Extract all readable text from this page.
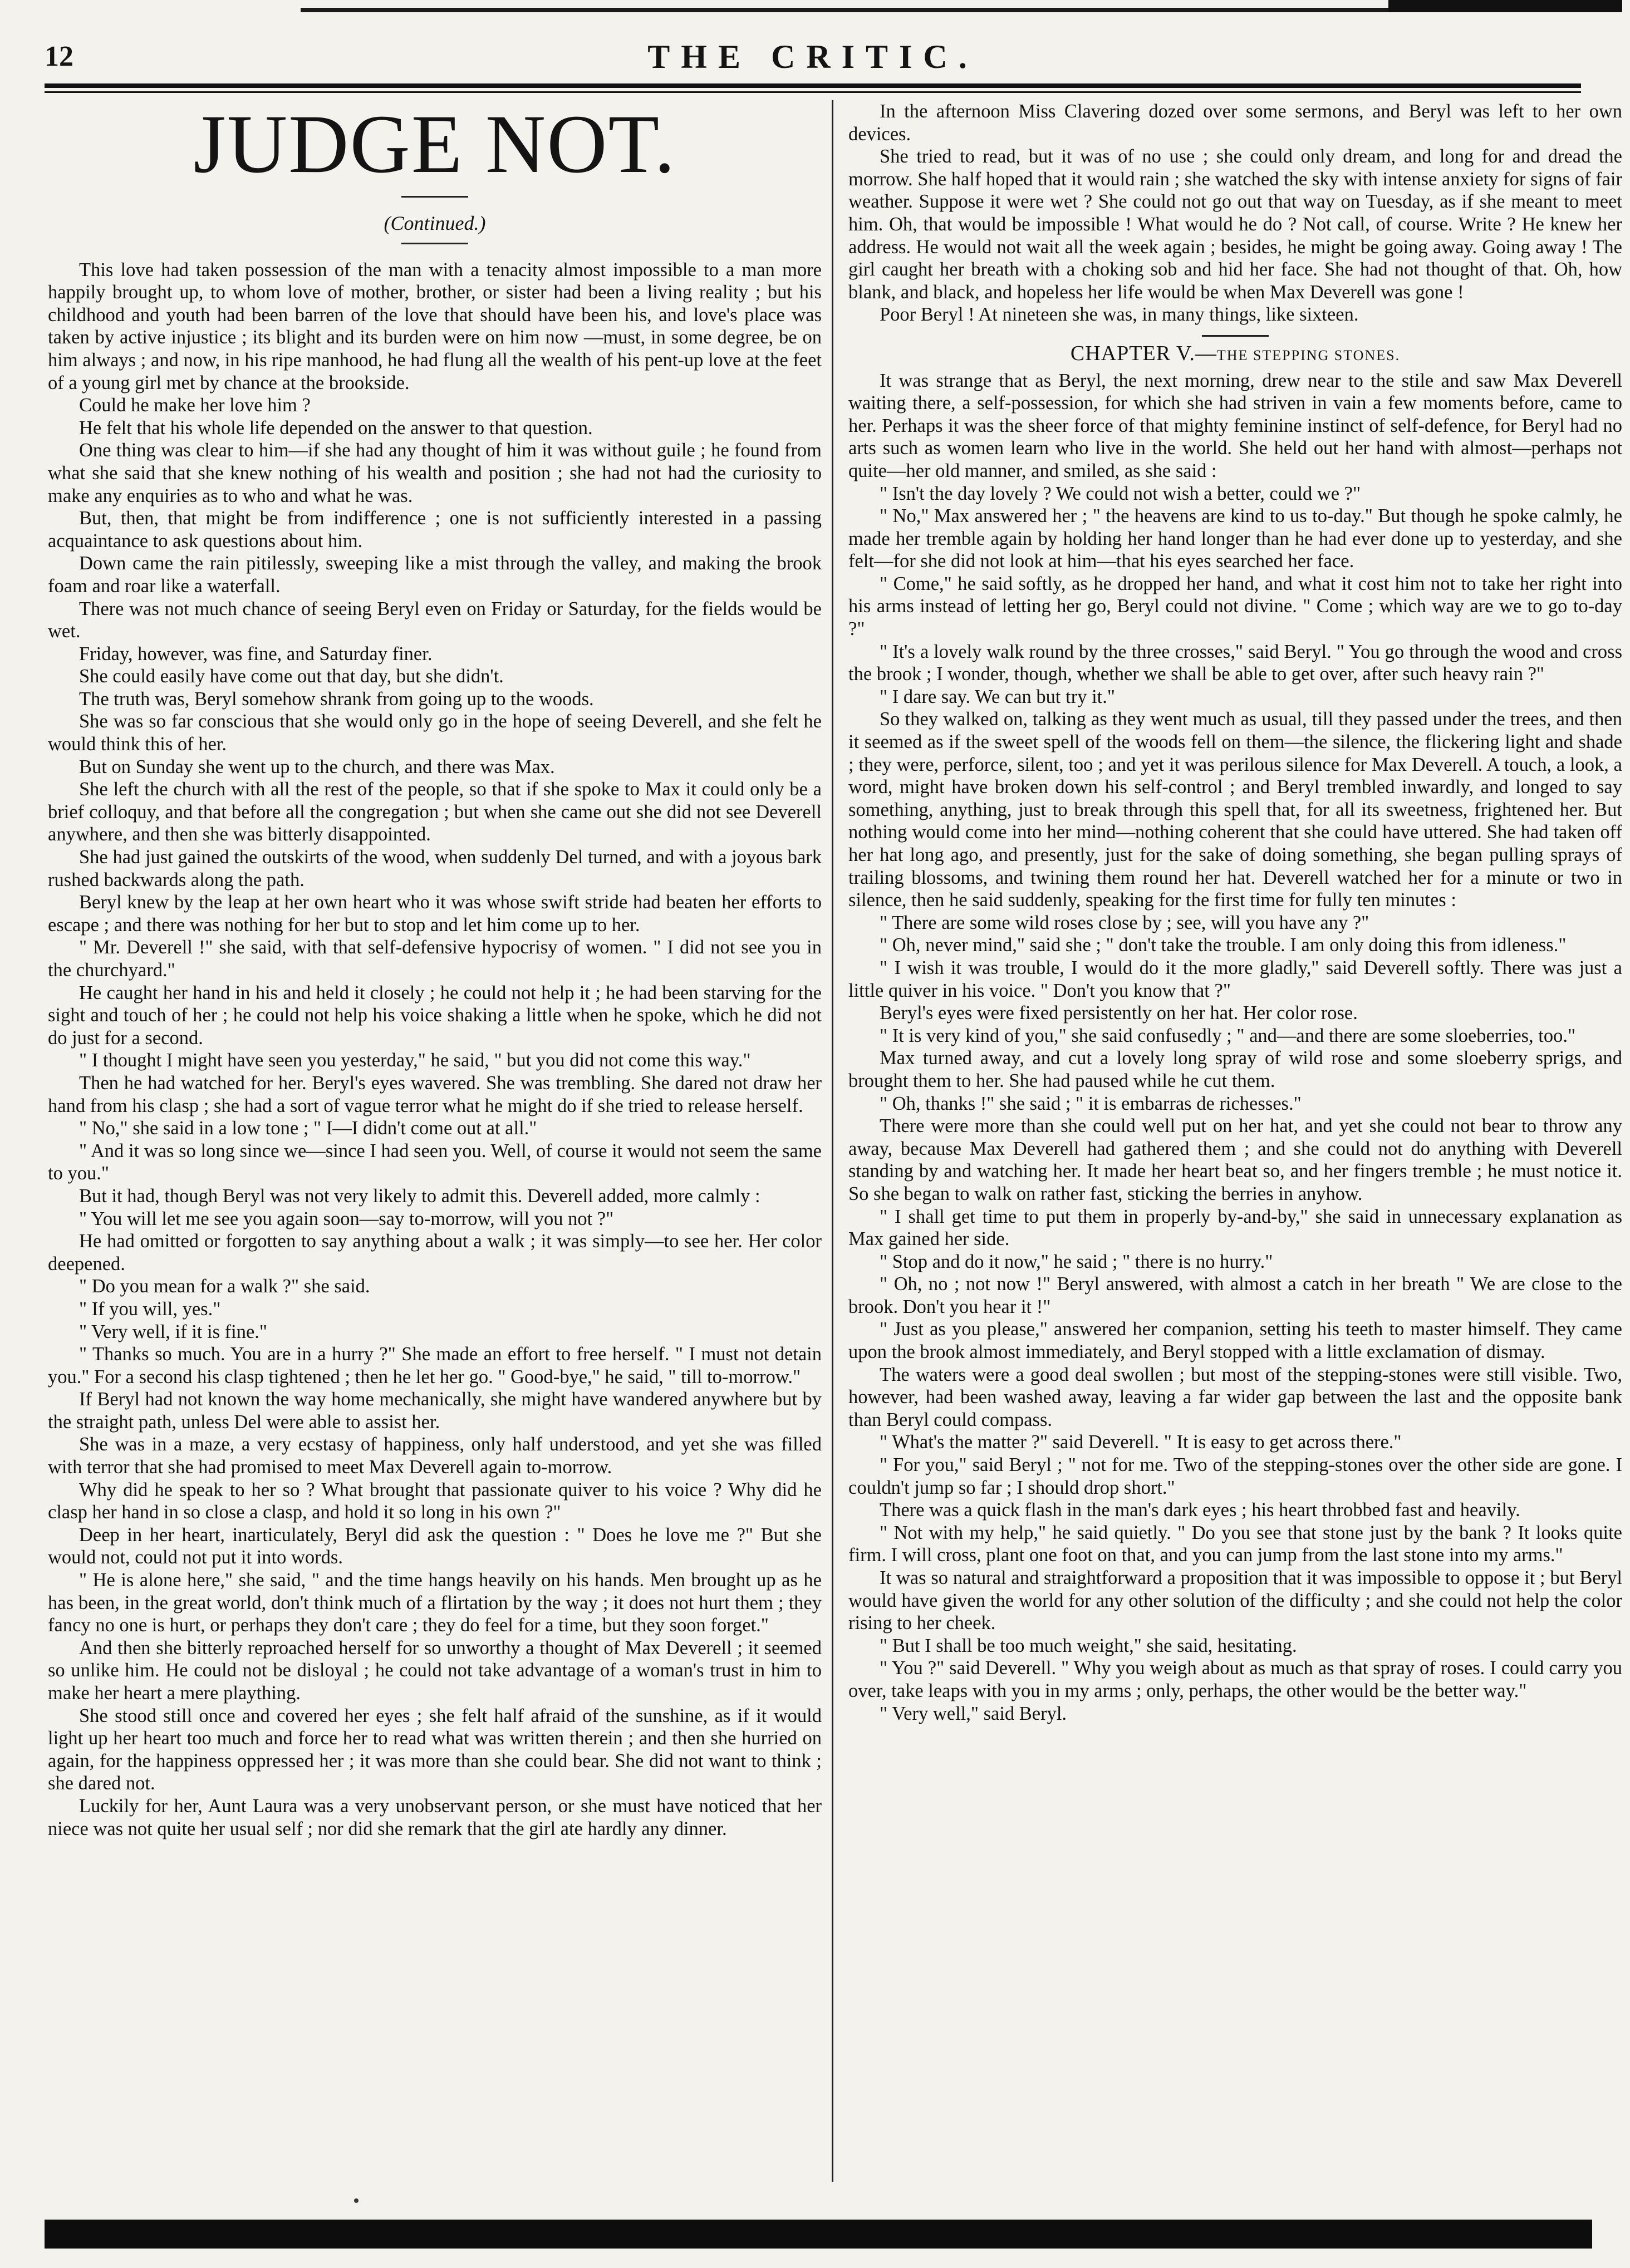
12	THE CRITIC.
JUDGE NOT.
(Continued.)

This love had taken possession of the man with a tenacity almost impossible to a man more happily brought up, to whom love of mother, brother, or sister had been a living reality ; but his childhood and youth had been barren of the love that should have been his, and love's place was taken by active injustice ; its blight and its burden were on him now —must, in some degree, be on him always ; and now, in his ripe manhood, he had flung all the wealth of his pent-up love at the feet of a young girl met by chance at the brookside.

Could he make her love him ?

He felt that his whole life depended on the answer to that question.

One thing was clear to him—if she had any thought of him it was without guile ; he found from what she said that she knew nothing of his wealth and position ; she had not had the curiosity to make any enquiries as to who and what he was.

But, then, that might be from indifference ; one is not sufficiently interested in a passing acquaintance to ask questions about him.

Down came the rain pitilessly, sweeping like a mist through the valley, and making the brook foam and roar like a waterfall.

There was not much chance of seeing Beryl even on Friday or Saturday, for the fields would be wet.

Friday, however, was fine, and Saturday finer.

She could easily have come out that day, but she didn't.

The truth was, Beryl somehow shrank from going up to the woods.

She was so far conscious that she would only go in the hope of seeing Deverell, and she felt he would think this of her.

But on Sunday she went up to the church, and there was Max.

She left the church with all the rest of the people, so that if she spoke to Max it could only be a brief colloquy, and that before all the congregation ; but when she came out she did not see Deverell anywhere, and then she was bitterly disappointed.

She had just gained the outskirts of the wood, when suddenly Del turned, and with a joyous bark rushed backwards along the path.

Beryl knew by the leap at her own heart who it was whose swift stride had beaten her efforts to escape ; and there was nothing for her but to stop and let him come up to her.

" Mr. Deverell !" she said, with that self-defensive hypocrisy of women. " I did not see you in the churchyard."

He caught her hand in his and held it closely ; he could not help it ; he had been starving for the sight and touch of her ; he could not help his voice shaking a little when he spoke, which he did not do just for a second.

" I thought I might have seen you yesterday," he said, " but you did not come this way."

Then he had watched for her. Beryl's eyes wavered. She was trembling. She dared not draw her hand from his clasp ; she had a sort of vague terror what he might do if she tried to release herself.

" No," she said in a low tone ; " I—I didn't come out at all."

" And it was so long since we—since I had seen you. Well, of course it would not seem the same to you."

But it had, though Beryl was not very likely to admit this. Deverell added, more calmly :

" You will let me see you again soon—say to-morrow, will you not ?"

He had omitted or forgotten to say anything about a walk ; it was simply—to see her. Her color deepened.

" Do you mean for a walk ?" she said.

" If you will, yes."

" Very well, if it is fine."

" Thanks so much. You are in a hurry ?" She made an effort to free herself. " I must not detain you." For a second his clasp tightened ; then he let her go. " Good-bye," he said, " till to-morrow."

If Beryl had not known the way home mechanically, she might have wandered anywhere but by the straight path, unless Del were able to assist her.

She was in a maze, a very ecstasy of happiness, only half understood, and yet she was filled with terror that she had promised to meet Max Deverell again to-morrow.

Why did he speak to her so ? What brought that passionate quiver to his voice ? Why did he clasp her hand in so close a clasp, and hold it so long in his own ?"

Deep in her heart, inarticulately, Beryl did ask the question : " Does he love me ?" But she would not, could not put it into words.

" He is alone here," she said, " and the time hangs heavily on his hands. Men brought up as he has been, in the great world, don't think much of a flirtation by the way ; it does not hurt them ; they fancy no one is hurt, or perhaps they don't care ; they do feel for a time, but they soon forget."

And then she bitterly reproached herself for so unworthy a thought of Max Deverell ; it seemed so unlike him. He could not be disloyal ; he could not take advantage of a woman's trust in him to make her heart a mere plaything.

She stood still once and covered her eyes ; she felt half afraid of the sunshine, as if it would light up her heart too much and force her to read what was written therein ; and then she hurried on again, for the happiness oppressed her ; it was more than she could bear. She did not want to think ; she dared not.

Luckily for her, Aunt Laura was a very unobservant person, or she must have noticed that her niece was not quite her usual self ; nor did she remark that the girl ate hardly any dinner.

In the afternoon Miss Clavering dozed over some sermons, and Beryl was left to her own devices.

She tried to read, but it was of no use ; she could only dream, and long for and dread the morrow. She half hoped that it would rain ; she watched the sky with intense anxiety for signs of fair weather. Suppose it were wet ? She could not go out that way on Tuesday, as if she meant to meet him. Oh, that would be impossible ! What would he do ? Not call, of course. Write ? He knew her address. He would not wait all the week again ; besides, he might be going away. Going away ! The girl caught her breath with a choking sob and hid her face. She had not thought of that. Oh, how blank, and black, and hopeless her life would be when Max Deverell was gone !

Poor Beryl ! At nineteen she was, in many things, like sixteen.

CHAPTER V.—THE STEPPING STONES.

It was strange that as Beryl, the next morning, drew near to the stile and saw Max Deverell waiting there, a self-possession, for which she had striven in vain a few moments before, came to her. Perhaps it was the sheer force of that mighty feminine instinct of self-defence, for Beryl had no arts such as women learn who live in the world. She held out her hand with almost—perhaps not quite—her old manner, and smiled, as she said :

" Isn't the day lovely ? We could not wish a better, could we ?"

" No," Max answered her ; " the heavens are kind to us to-day." But though he spoke calmly, he made her tremble again by holding her hand longer than he had ever done up to yesterday, and she felt—for she did not look at him—that his eyes searched her face.

" Come," he said softly, as he dropped her hand, and what it cost him not to take her right into his arms instead of letting her go, Beryl could not divine. " Come ; which way are we to go to-day ?"

" It's a lovely walk round by the three crosses," said Beryl. " You go through the wood and cross the brook ; I wonder, though, whether we shall be able to get over, after such heavy rain ?"

" I dare say. We can but try it."

So they walked on, talking as they went much as usual, till they passed under the trees, and then it seemed as if the sweet spell of the woods fell on them—the silence, the flickering light and shade ; they were, perforce, silent, too ; and yet it was perilous silence for Max Deverell. A touch, a look, a word, might have broken down his self-control ; and Beryl trembled inwardly, and longed to say something, anything, just to break through this spell that, for all its sweetness, frightened her. But nothing would come into her mind—nothing coherent that she could have uttered. She had taken off her hat long ago, and presently, just for the sake of doing something, she began pulling sprays of trailing blossoms, and twining them round her hat. Deverell watched her for a minute or two in silence, then he said suddenly, speaking for the first time for fully ten minutes :

" There are some wild roses close by ; see, will you have any ?"

" Oh, never mind," said she ; " don't take the trouble. I am only doing this from idleness."

" I wish it was trouble, I would do it the more gladly," said Deverell softly. There was just a little quiver in his voice. " Don't you know that ?"

Beryl's eyes were fixed persistently on her hat. Her color rose.

" It is very kind of you," she said confusedly ; " and—and there are some sloeberries, too."

Max turned away, and cut a lovely long spray of wild rose and some sloeberry sprigs, and brought them to her. She had paused while he cut them.

" Oh, thanks !" she said ; " it is embarras de richesses."

There were more than she could well put on her hat, and yet she could not bear to throw any away, because Max Deverell had gathered them ; and she could not do anything with Deverell standing by and watching her. It made her heart beat so, and her fingers tremble ; he must notice it. So she began to walk on rather fast, sticking the berries in anyhow.

" I shall get time to put them in properly by-and-by," she said in unnecessary explanation as Max gained her side.

" Stop and do it now," he said ; " there is no hurry."

" Oh, no ; not now !" Beryl answered, with almost a catch in her breath " We are close to the brook. Don't you hear it !"

" Just as you please," answered her companion, setting his teeth to master himself. They came upon the brook almost immediately, and Beryl stopped with a little exclamation of dismay.

The waters were a good deal swollen ; but most of the stepping-stones were still visible. Two, however, had been washed away, leaving a far wider gap between the last and the opposite bank than Beryl could compass.

" What's the matter ?" said Deverell. " It is easy to get across there."

" For you," said Beryl ; " not for me. Two of the stepping-stones over the other side are gone. I couldn't jump so far ; I should drop short."

There was a quick flash in the man's dark eyes ; his heart throbbed fast and heavily.

" Not with my help," he said quietly. " Do you see that stone just by the bank ? It looks quite firm. I will cross, plant one foot on that, and you can jump from the last stone into my arms."

It was so natural and straightforward a proposition that it was impossible to oppose it ; but Beryl would have given the world for any other solution of the difficulty ; and she could not help the color rising to her cheek.

" But I shall be too much weight," she said, hesitating.

" You ?" said Deverell. " Why you weigh about as much as that spray of roses. I could carry you over, take leaps with you in my arms ; only, perhaps, the other would be the better way."

" Very well," said Beryl.
